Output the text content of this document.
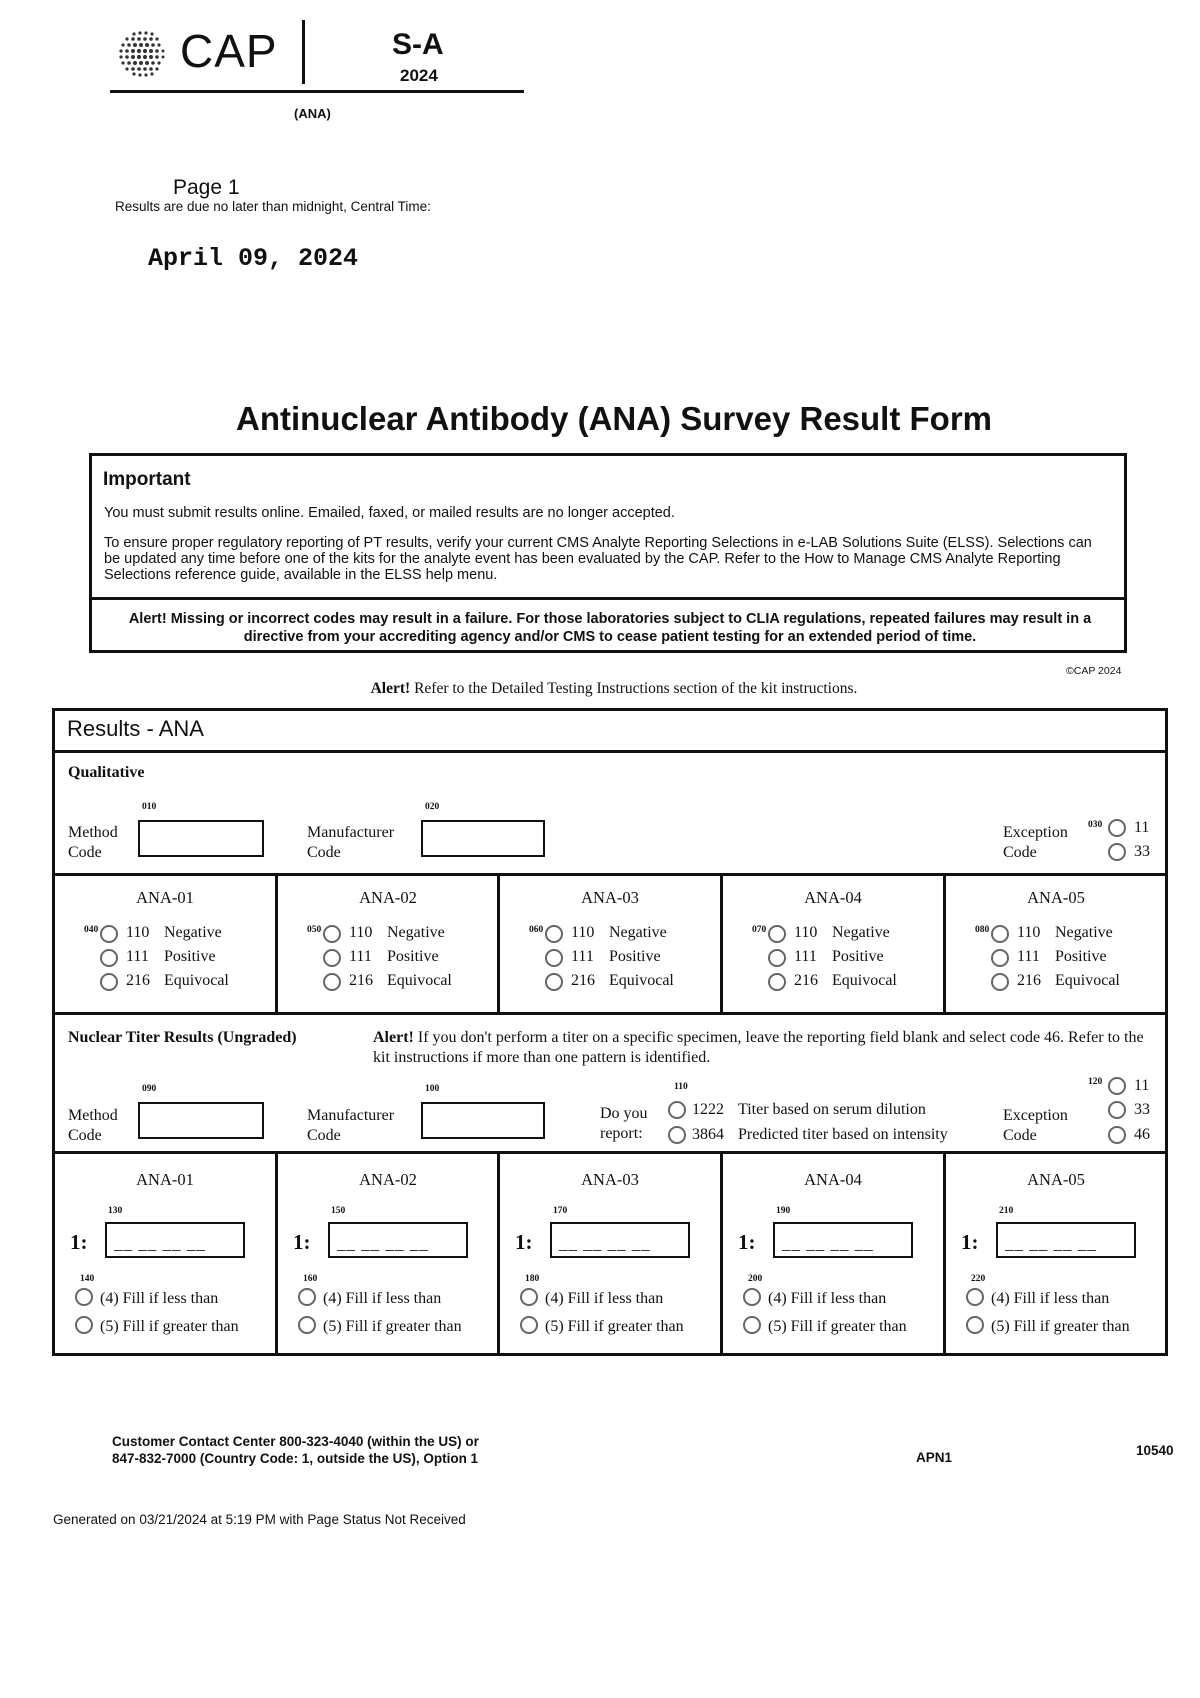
CAP	S-A
2024
(ANA)
Page 1
Results are due no later than midnight, Central Time:
April 09, 2024
Antinuclear Antibody (ANA) Survey Result Form
Important
You must submit results online. Emailed, faxed, or mailed results are no longer accepted.
To ensure proper regulatory reporting of PT results, verify your current CMS Analyte Reporting Selections in e-LAB Solutions Suite (ELSS). Selections can be updated any time before one of the kits for the analyte event has been evaluated by the CAP. Refer to the How to Manage CMS Analyte Reporting Selections reference guide, available in the ELSS help menu.
Alert! Missing or incorrect codes may result in a failure. For those laboratories subject to CLIA regulations, repeated failures may result in a directive from your accrediting agency and/or CMS to cease patient testing for an extended period of time.
©CAP 2024
Alert! Refer to the Detailed Testing Instructions section of the kit instructions.
Results - ANA
Qualitative
Method Code
010
Manufacturer Code
020
Exception Code
030 11
33
ANA-01
040 110 Negative
111 Positive
216 Equivocal
ANA-02
050 110 Negative
111 Positive
216 Equivocal
ANA-03
060 110 Negative
111 Positive
216 Equivocal
ANA-04
070 110 Negative
111 Positive
216 Equivocal
ANA-05
080 110 Negative
111 Positive
216 Equivocal
Nuclear Titer Results (Ungraded)	Alert! If you don't perform a titer on a specific specimen, leave the reporting field blank and select code 46. Refer to the kit instructions if more than one pattern is identified.
Method Code
090
Manufacturer Code
100
Do you report:
110
1222 Titer based on serum dilution
3864 Predicted titer based on intensity
Exception Code
120 11
33
46
ANA-01
130
1: __ __ __ __
140
(4) Fill if less than
(5) Fill if greater than
ANA-02
150
1: __ __ __ __
160
(4) Fill if less than
(5) Fill if greater than
ANA-03
170
1: __ __ __ __
180
(4) Fill if less than
(5) Fill if greater than
ANA-04
190
1: __ __ __ __
200
(4) Fill if less than
(5) Fill if greater than
ANA-05
210
1: __ __ __ __
220
(4) Fill if less than
(5) Fill if greater than
Customer Contact Center 800-323-4040 (within the US) or
847-832-7000 (Country Code: 1, outside the US), Option 1	APN1	10540
Generated on 03/21/2024 at 5:19 PM with Page Status Not Received
